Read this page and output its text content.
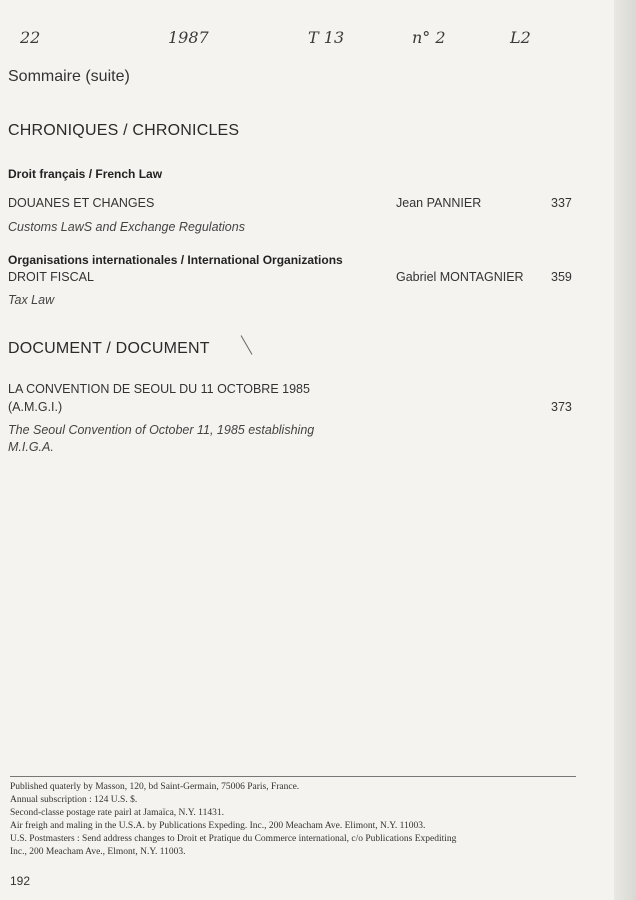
22	1987	T 13	n° 2	L2
Sommaire (suite)
CHRONIQUES / CHRONICLES
Droit français / French Law
DOUANES ET CHANGES	Jean PANNIER	337
Customs LawS and Exchange Regulations
Organisations internationales / International Organizations
DROIT FISCAL	Gabriel MONTAGNIER 359
Tax Law
DOCUMENT / DOCUMENT
LA CONVENTION DE SEOUL DU 11 OCTOBRE 1985
(A.M.G.I.)	373
The Seoul Convention of October 11, 1985 establishing
M.I.G.A.
Published quaterly by Masson, 120, bd Saint-Germain, 75006 Paris, France.
Annual subscription : 124 U.S. $.
Second-classe postage rate pairl at Jamaïca, N.Y. 11431.
Air freigh and maling in the U.S.A. by Publications Expeding. Inc., 200 Meacham Ave. Elimont, N.Y. 11003.
U.S. Postmasters : Send address changes to Droit et Pratique du Commerce international, c/o Publications Expediting
Inc., 200 Meacham Ave., Elmont, N.Y. 11003.
192
